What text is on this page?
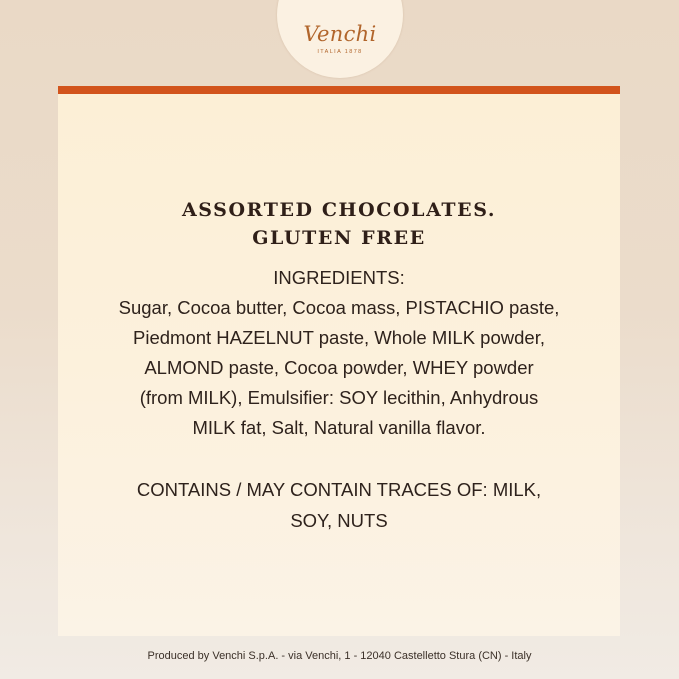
Venchi
ITALIA 1878
ASSORTED CHOCOLATES.
GLUTEN FREE
INGREDIENTS:
Sugar, Cocoa butter, Cocoa mass, PISTACHIO paste,
Piedmont HAZELNUT paste, Whole MILK powder,
ALMOND paste, Cocoa powder, WHEY powder
(from MILK), Emulsifier: SOY lecithin, Anhydrous
MILK fat, Salt, Natural vanilla flavor.
CONTAINS / MAY CONTAIN TRACES OF: MILK,
SOY, NUTS
Produced by Venchi S.p.A. - via Venchi, 1 - 12040 Castelletto Stura (CN) - Italy
